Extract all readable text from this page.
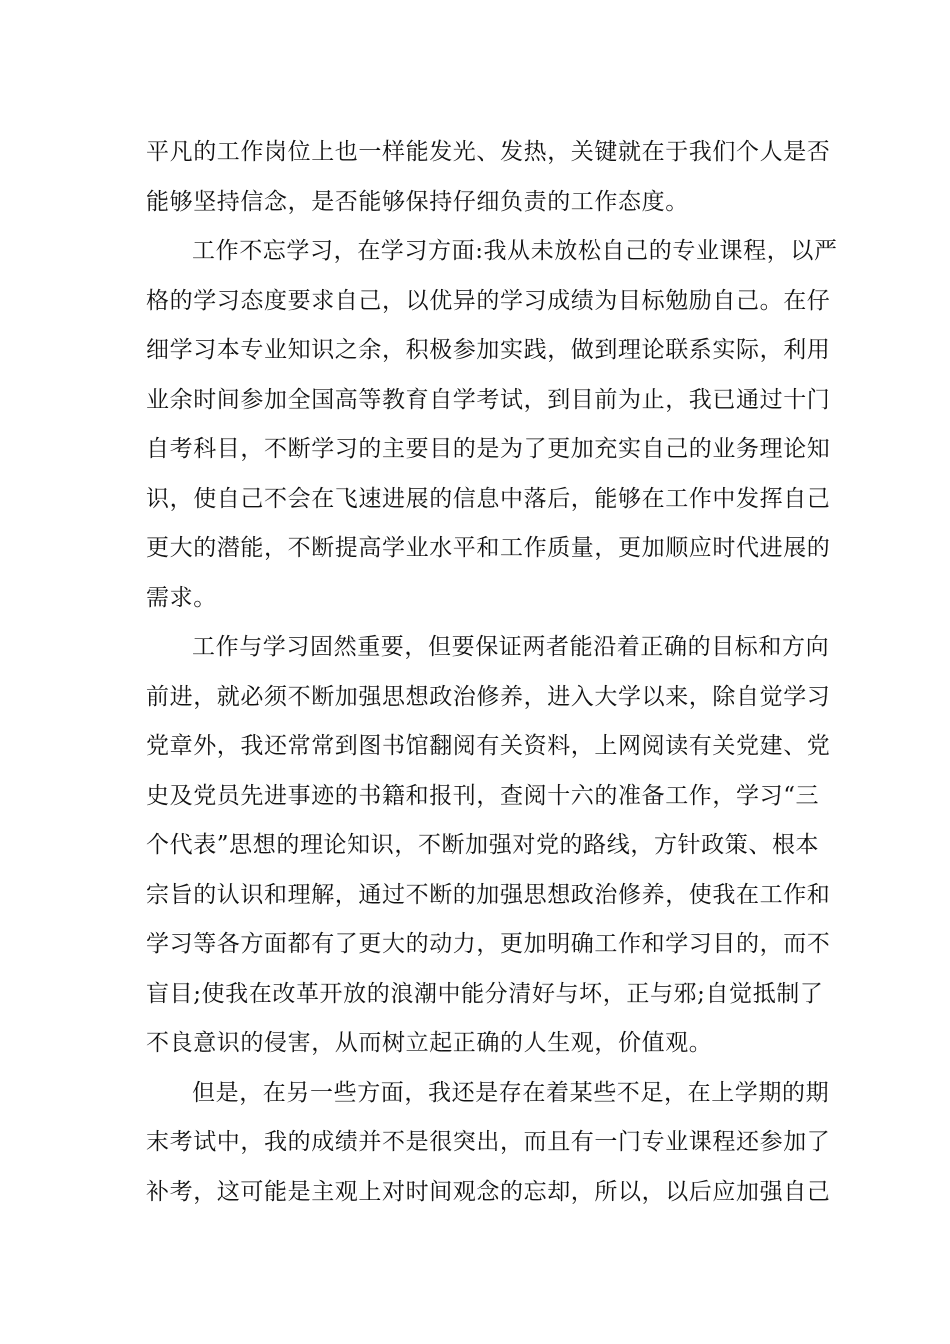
平凡的工作岗位上也一样能发光、发热，关键就在于我们个人是否
能够坚持信念，是否能够保持仔细负责的工作态度。
工作不忘学习，在学习方面:我从未放松自己的专业课程，以严
格的学习态度要求自己，以优异的学习成绩为目标勉励自己。在仔
细学习本专业知识之余，积极参加实践，做到理论联系实际，利用
业余时间参加全国高等教育自学考试，到目前为止，我已通过十门
自考科目，不断学习的主要目的是为了更加充实自己的业务理论知
识，使自己不会在飞速进展的信息中落后，能够在工作中发挥自己
更大的潜能，不断提高学业水平和工作质量，更加顺应时代进展的
需求。
工作与学习固然重要，但要保证两者能沿着正确的目标和方向
前进，就必须不断加强思想政治修养，进入大学以来，除自觉学习
党章外，我还常常到图书馆翻阅有关资料，上网阅读有关党建、党
史及党员先进事迹的书籍和报刊，查阅十六的准备工作，学习“三
个代表”思想的理论知识，不断加强对党的路线，方针政策、根本
宗旨的认识和理解，通过不断的加强思想政治修养，使我在工作和
学习等各方面都有了更大的动力，更加明确工作和学习目的，而不
盲目;使我在改革开放的浪潮中能分清好与坏，正与邪;自觉抵制了
不良意识的侵害，从而树立起正确的人生观，价值观。
但是，在另一些方面，我还是存在着某些不足，在上学期的期
末考试中，我的成绩并不是很突出，而且有一门专业课程还参加了
补考，这可能是主观上对时间观念的忘却，所以，以后应加强自己
